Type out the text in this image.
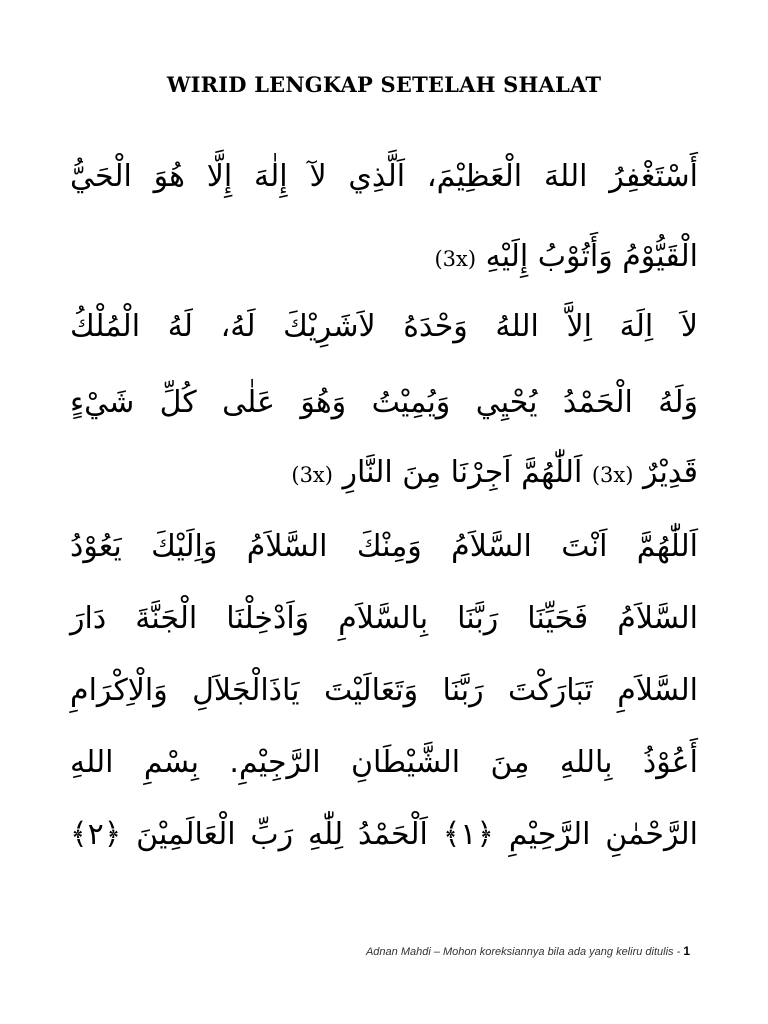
WIRID LENGKAP SETELAH SHALAT
أَسْتَغْفِرُ اللهَ الْعَظِيْمَ، اَلَّذِي لآ إِلٰهَ إِلَّا هُوَ الْحَيُّ
الْقَيُّوْمُ وَأَتُوْبُ إِلَيْهِ (3x)
لاَ اِلَهَ اِلاَّ اللهُ وَحْدَهُ لاَشَرِيْكَ لَهُ، لَهُ الْمُلْكُ
وَلَهُ الْحَمْدُ يُحْيِي وَيُمِيْتُ وَهُوَ عَلٰى كُلِّ شَيْءٍ
قَدِيْرٌ (3x) اَللّٰهُمَّ اَجِرْنَا مِنَ النَّارِ (3x)
اَللّٰهُمَّ اَنْتَ السَّلاَمُ وَمِنْكَ السَّلاَمُ وَاِلَيْكَ يَعُوْدُ
السَّلاَمُ فَحَيِّنَا رَبَّنَا بِالسَّلاَمِ وَاَدْخِلْنَا الْجَنَّةَ دَارَ
السَّلاَمِ تَبَارَكْتَ رَبَّنَا وَتَعَالَيْتَ يَاذَالْجَلاَلِ وَالْاِكْرَامِ
أَعُوْذُ بِاللهِ مِنَ الشَّيْطَانِ الرَّجِيْمِ. بِسْمِ اللهِ
الرَّحْمٰنِ الرَّحِيْمِ ﴿١﴾ اَلْحَمْدُ لِلّٰهِ رَبِّ الْعَالَمِيْنَ ﴿٢﴾
Adnan Mahdi – Mohon koreksiannya bila ada yang keliru ditulis - 1
